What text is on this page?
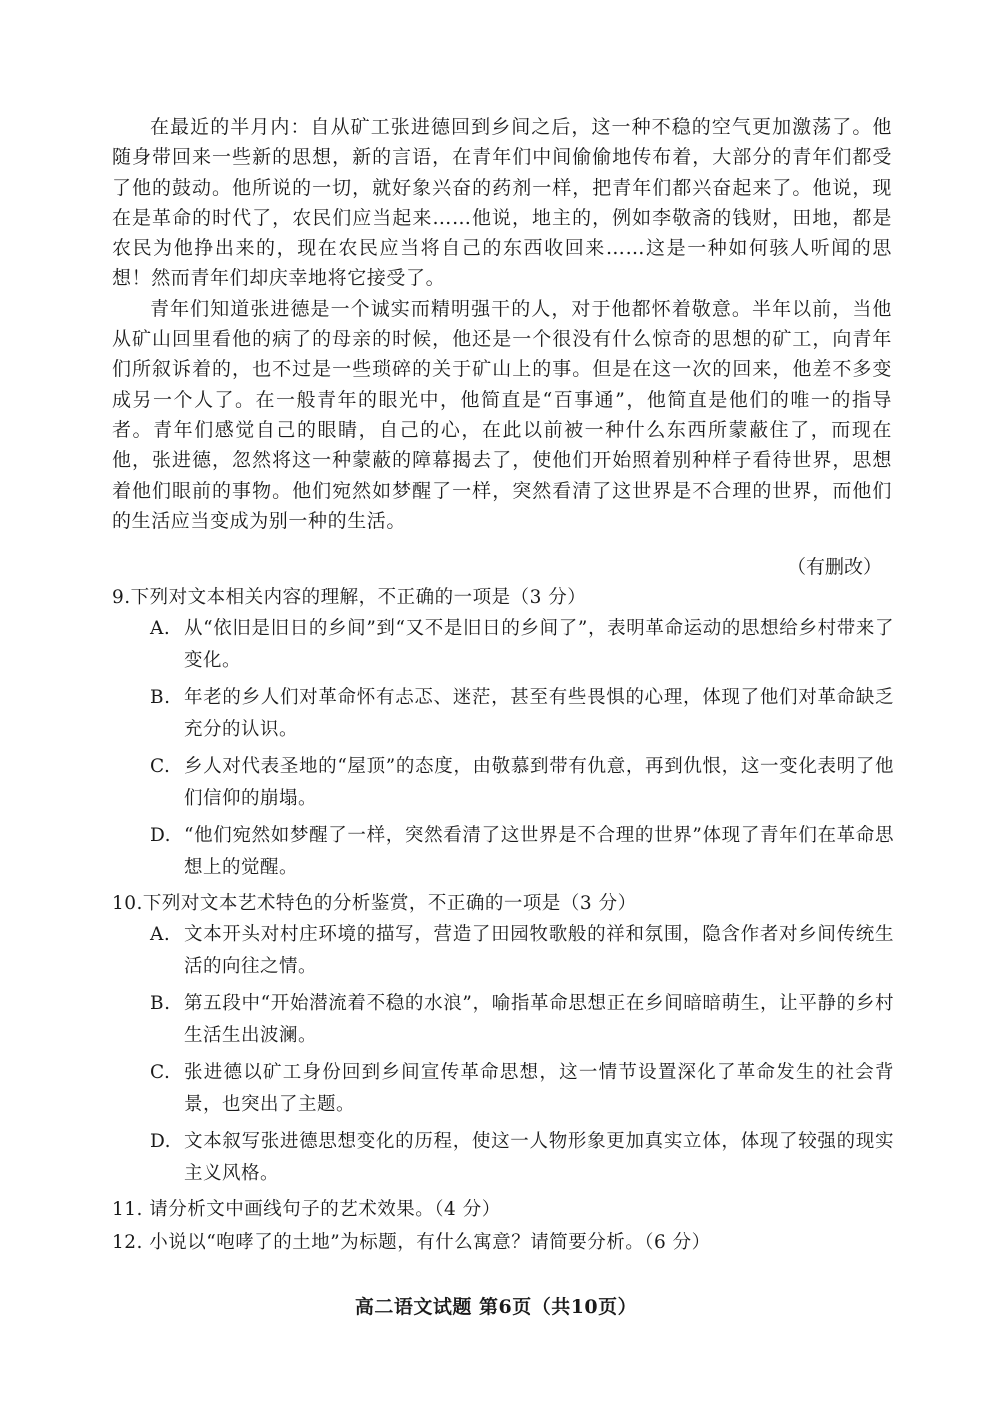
在最近的半月内：自从矿工张进德回到乡间之后，这一种不稳的空气更加激荡了。他随身带回来一些新的思想，新的言语，在青年们中间偷偷地传布着，大部分的青年们都受了他的鼓动。他所说的一切，就好象兴奋的药剂一样，把青年们都兴奋起来了。他说，现在是革命的时代了，农民们应当起来……他说，地主的，例如李敬斋的钱财，田地，都是农民为他挣出来的，现在农民应当将自己的东西收回来……这是一种如何骇人听闻的思想！然而青年们却庆幸地将它接受了。

青年们知道张进德是一个诚实而精明强干的人，对于他都怀着敬意。半年以前，当他从矿山回里看他的病了的母亲的时候，他还是一个很没有什么惊奇的思想的矿工，向青年们所叙诉着的，也不过是一些琐碎的关于矿山上的事。但是在这一次的回来，他差不多变成另一个人了。在一般青年的眼光中，他简直是“百事通”，他简直是他们的唯一的指导者。青年们感觉自己的眼睛，自己的心，在此以前被一种什么东西所蒙蔽住了，而现在他，张进德，忽然将这一种蒙蔽的障幕揭去了，使他们开始照着别种样子看待世界，思想着他们眼前的事物。他们宛然如梦醒了一样，突然看清了这世界是不合理的世界，而他们的生活应当变成为别一种的生活。

（有删改）
9.下列对文本相关内容的理解，不正确的一项是（3 分）
A. 从“依旧是旧日的乡间”到“又不是旧日的乡间了”，表明革命运动的思想给乡村带来了变化。
B. 年老的乡人们对革命怀有忐忑、迷茫，甚至有些畏惧的心理，体现了他们对革命缺乏充分的认识。
C. 乡人对代表圣地的“屋顶”的态度，由敬慕到带有仇意，再到仇恨，这一变化表明了他们信仰的崩塌。
D. “他们宛然如梦醒了一样，突然看清了这世界是不合理的世界”体现了青年们在革命思想上的觉醒。
10.下列对文本艺术特色的分析鉴赏，不正确的一项是（3 分）
A. 文本开头对村庄环境的描写，营造了田园牧歌般的祥和氛围，隐含作者对乡间传统生活的向往之情。
B. 第五段中“开始潜流着不稳的水浪”，喻指革命思想正在乡间暗暗萌生，让平静的乡村生活生出波澜。
C. 张进德以矿工身份回到乡间宣传革命思想，这一情节设置深化了革命发生的社会背景，也突出了主题。
D. 文本叙写张进德思想变化的历程，使这一人物形象更加真实立体，体现了较强的现实主义风格。
11. 请分析文中画线句子的艺术效果。（4 分）
12. 小说以“咆哮了的土地”为标题，有什么寓意？请简要分析。（6 分）
高二语文试题 第6页（共10页）
